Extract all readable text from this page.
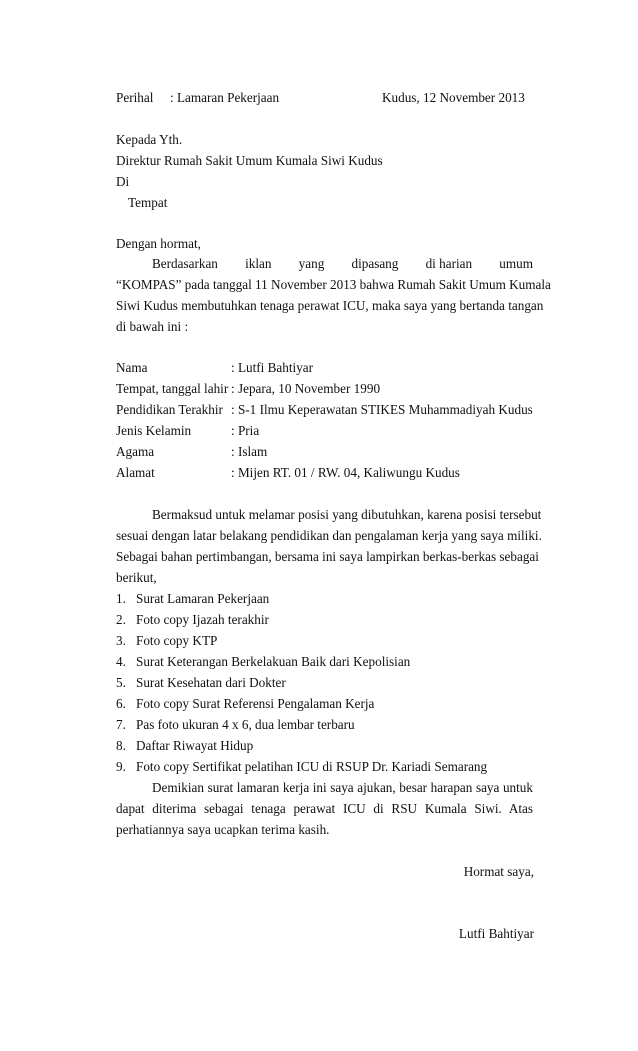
Perihal : Lamaran Pekerjaan	Kudus, 12 November 2013
Kepada Yth.
Direktur Rumah Sakit Umum Kumala Siwi Kudus
Di
Tempat
Dengan hormat,
Berdasarkan iklan yang dipasang di harian umum
“KOMPAS” pada tanggal 11 November 2013 bahwa Rumah Sakit Umum Kumala
Siwi Kudus membutuhkan tenaga perawat ICU, maka saya yang bertanda tangan
di bawah ini :
Nama	: Lutfi Bahtiyar
Tempat, tanggal lahir : Jepara, 10 November 1990
Pendidikan Terakhir : S-1 Ilmu Keperawatan STIKES Muhammadiyah Kudus
Jenis Kelamin	: Pria
Agama	: Islam
Alamat	: Mijen RT. 01 / RW. 04, Kaliwungu Kudus
Bermaksud untuk melamar posisi yang dibutuhkan, karena posisi tersebut
sesuai dengan latar belakang pendidikan dan pengalaman kerja yang saya miliki.
Sebagai bahan pertimbangan, bersama ini saya lampirkan berkas-berkas sebagai
berikut,
1. Surat Lamaran Pekerjaan
2. Foto copy Ijazah terakhir
3. Foto copy KTP
4. Surat Keterangan Berkelakuan Baik dari Kepolisian
5. Surat Kesehatan dari Dokter
6. Foto copy Surat Referensi Pengalaman Kerja
7. Pas foto ukuran 4 x 6, dua lembar terbaru
8. Daftar Riwayat Hidup
9. Foto copy Sertifikat pelatihan ICU di RSUP Dr. Kariadi Semarang
Demikian surat lamaran kerja ini saya ajukan, besar harapan saya untuk
dapat diterima sebagai tenaga perawat ICU di RSU Kumala Siwi. Atas
perhatiannya saya ucapkan terima kasih.
Hormat saya,
Lutfi Bahtiyar
